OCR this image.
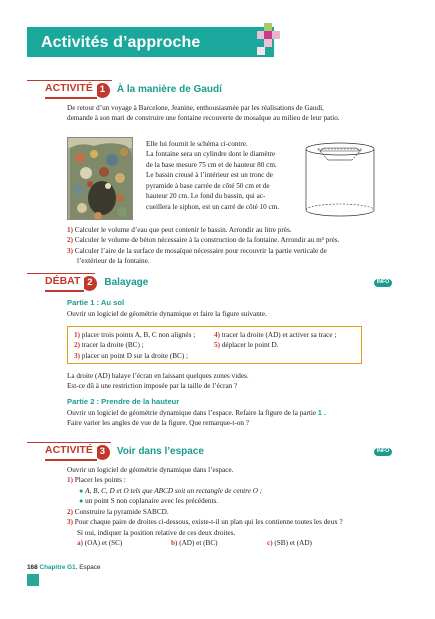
Activités d’approche
ACTIVITÉ 1	À la manière de Gaudí
De retour d’un voyage à Barcelone, Jeanine, enthousiasmée par les réalisations de Gaudí,
demande à son mari de construire une fontaine recouverte de mosaïque au milieu de leur patio.
Elle lui fournit le schéma ci-contre.
La fontaine sera un cylindre dont le diamètre
de la base mesure 75 cm et de hauteur 80 cm.
Le bassin creusé à l’intérieur est un tronc de
pyramide à base carrée de côté 50 cm et de
hauteur 20 cm. Le fond du bassin, qui ac-
cueillera le siphon, est un carré de côté 10 cm.
1) Calculer le volume d’eau que peut contenir le bassin. Arrondir au litre près.
2) Calculer le volume de béton nécessaire à la construction de la fontaine. Arrondir au m³ près.
3) Calculer l’aire de la surface de mosaïque nécessaire pour recouvrir la partie verticale de
l’extérieur de la fontaine.
DÉBAT 2	Balayage	INFO
Partie 1 : Au sol
Ouvrir un logiciel de géométrie dynamique et faire la figure suivante.
1) placer trois points A, B, C non alignés ;
2) tracer la droite (BC) ;
3) placer un point D sur la droite (BC) ;
4) tracer la droite (AD) et activer sa trace ;
5) déplacer le point D.
La droite (AD) balaye l’écran en laissant quelques zones vides.
Est-ce dû à une restriction imposée par la taille de l’écran ?
Partie 2 : Prendre de la hauteur
Ouvrir un logiciel de géométrie dynamique dans l’espace. Refaire la figure de la partie 1 .
Faire varier les angles de vue de la figure. Que remarque-t-on ?
ACTIVITÉ 3	Voir dans l’espace	INFO
Ouvrir un logiciel de géométrie dynamique dans l’espace.
1) Placer les points :
● A, B, C, D et O tels que ABCD soit un rectangle de centre O ;
● un point S non coplanaire avec les précédents.
2) Construire la pyramide SABCD.
3) Pour chaque paire de droites ci-dessous, existe-t-il un plan qui les contienne toutes les deux ?
Si oui, indiquer la position relative de ces deux droites.
a) (OA) et (SC)	b) (AD) et (BC)	c) (SB) et (AD)
168 Chapitre G1. Espace
